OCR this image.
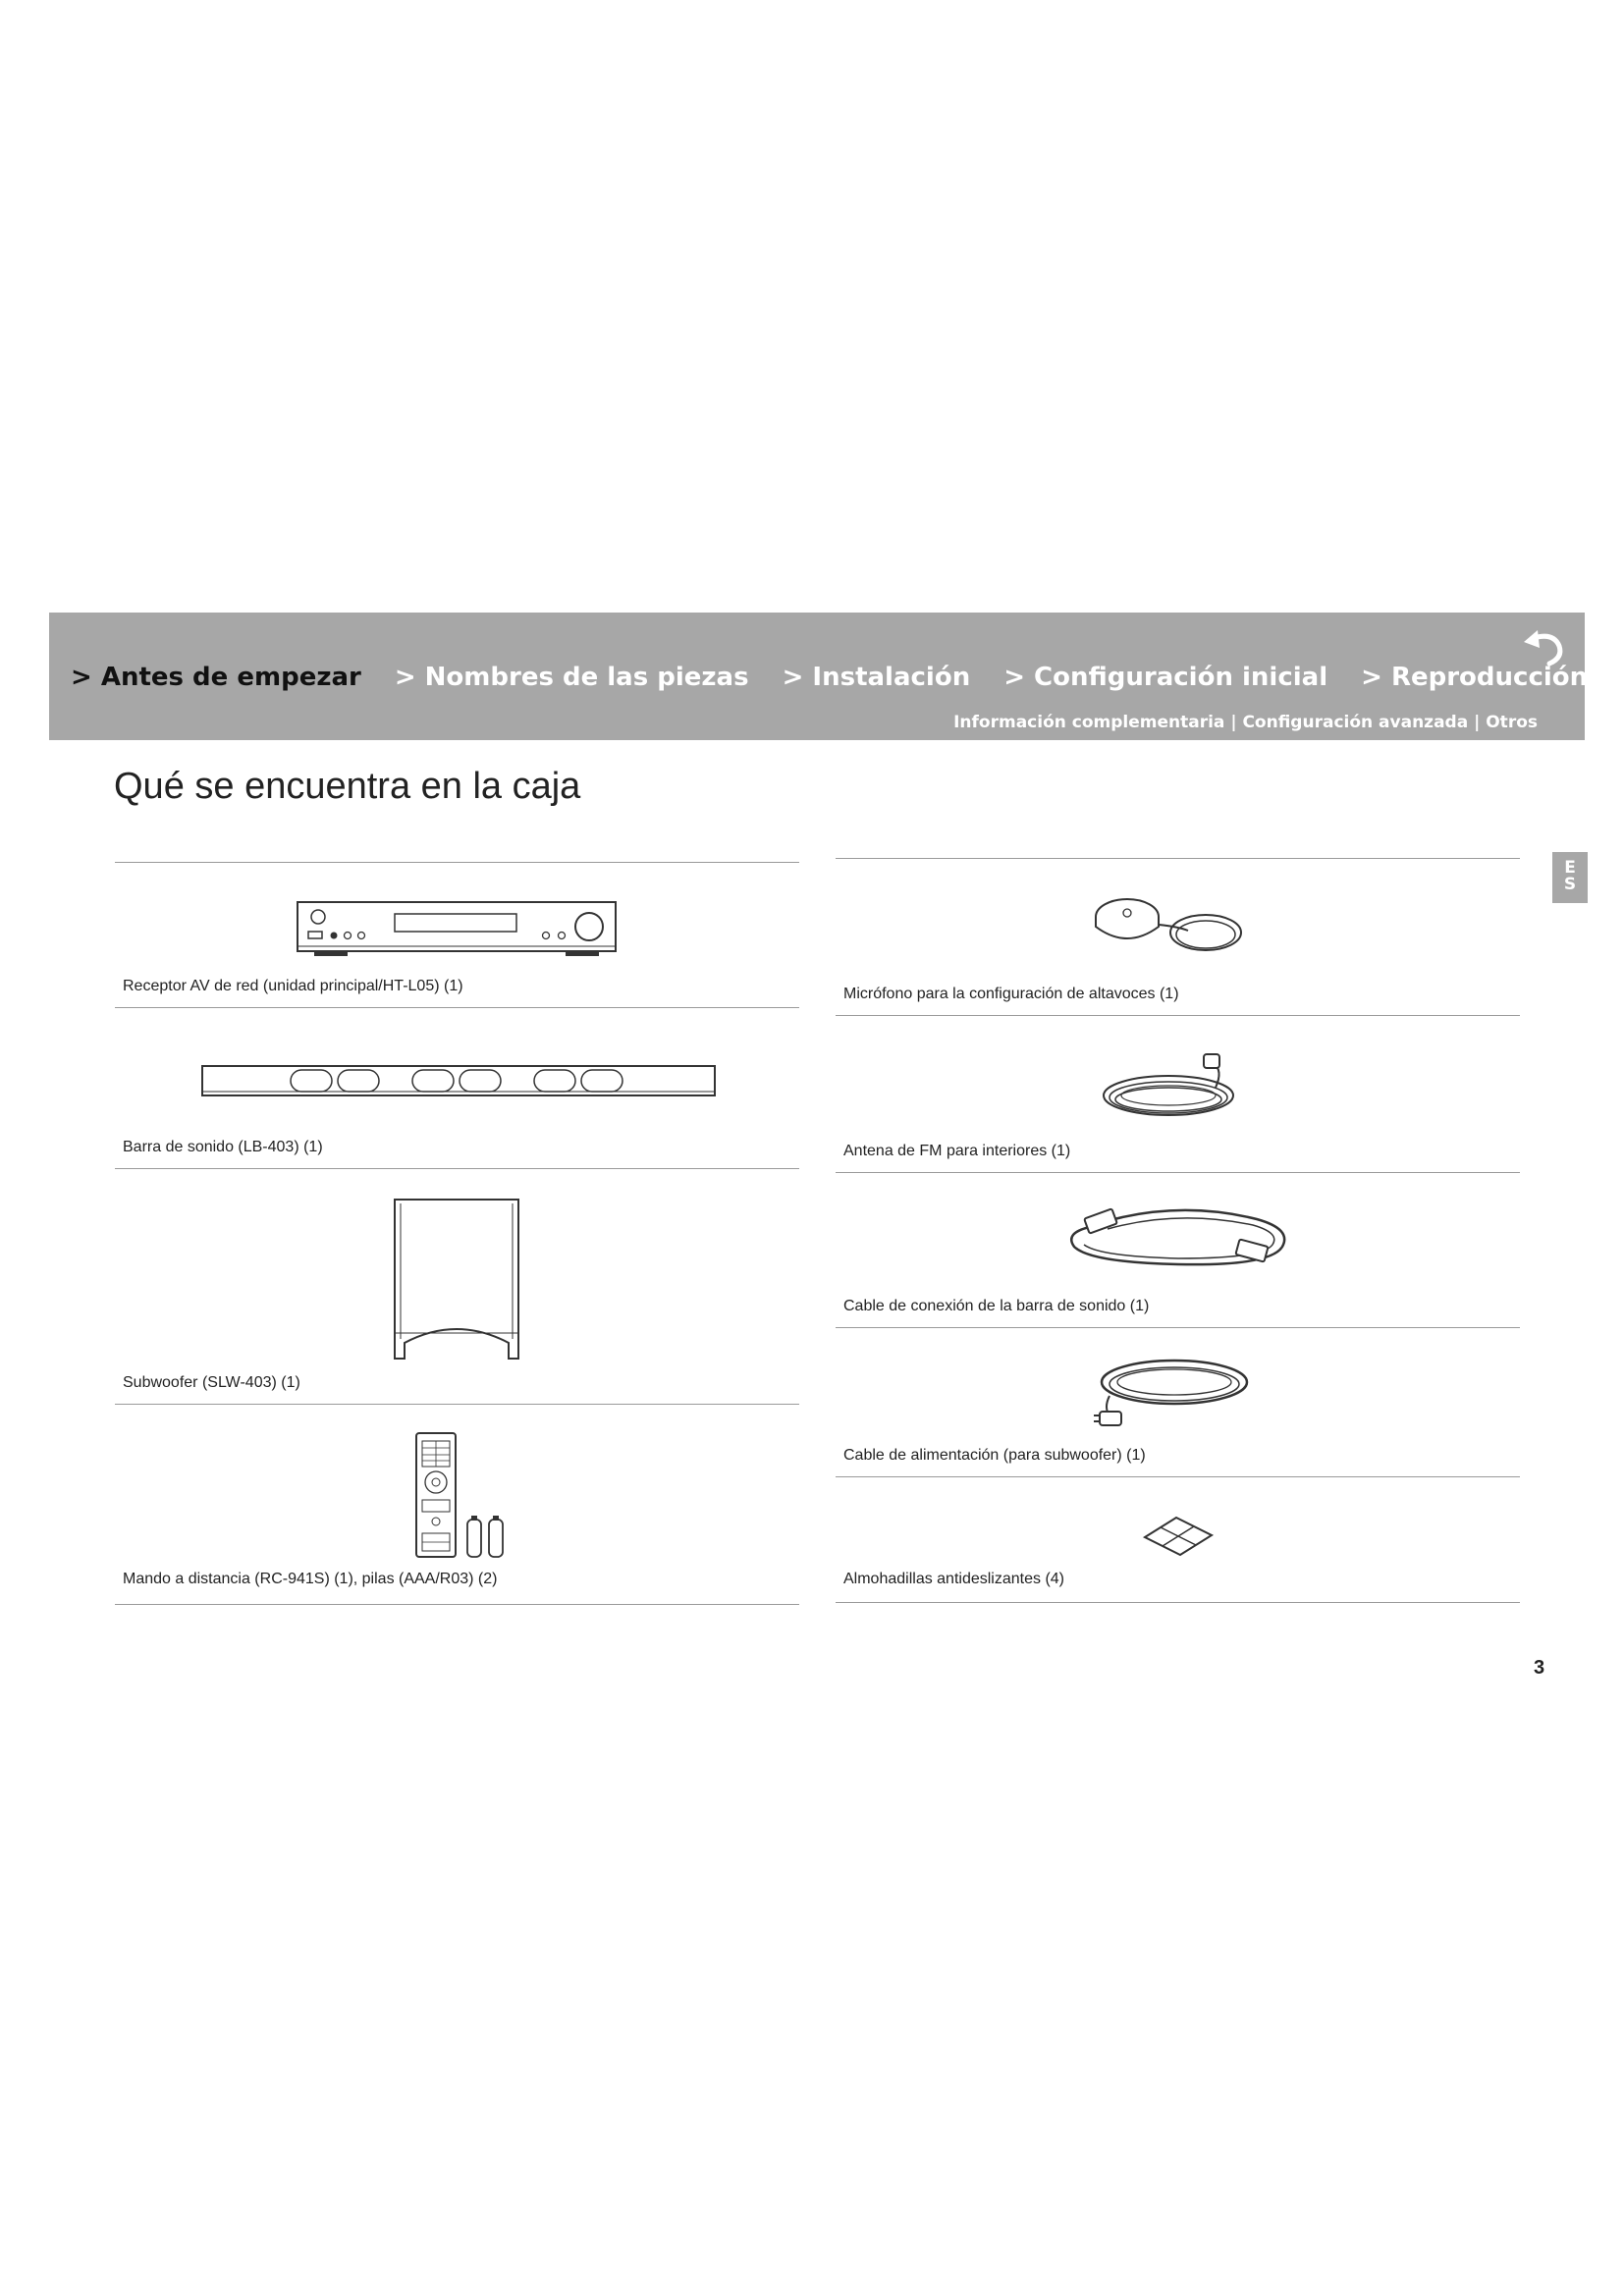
> Antes de empezar > Nombres de las piezas > Instalación > Configuración inicial > Reproducción
Información complementaria | Configuración avanzada | Otros
Qué se encuentra en la caja
E
S
Receptor AV de red (unidad principal/HT-L05) (1)
Barra de sonido (LB-403) (1)
Subwoofer (SLW-403) (1)
Mando a distancia (RC-941S) (1), pilas (AAA/R03) (2)
Micrófono para la configuración de altavoces (1)
Antena de FM para interiores (1)
Cable de conexión de la barra de sonido (1)
Cable de alimentación (para subwoofer) (1)
Almohadillas antideslizantes (4)
3
